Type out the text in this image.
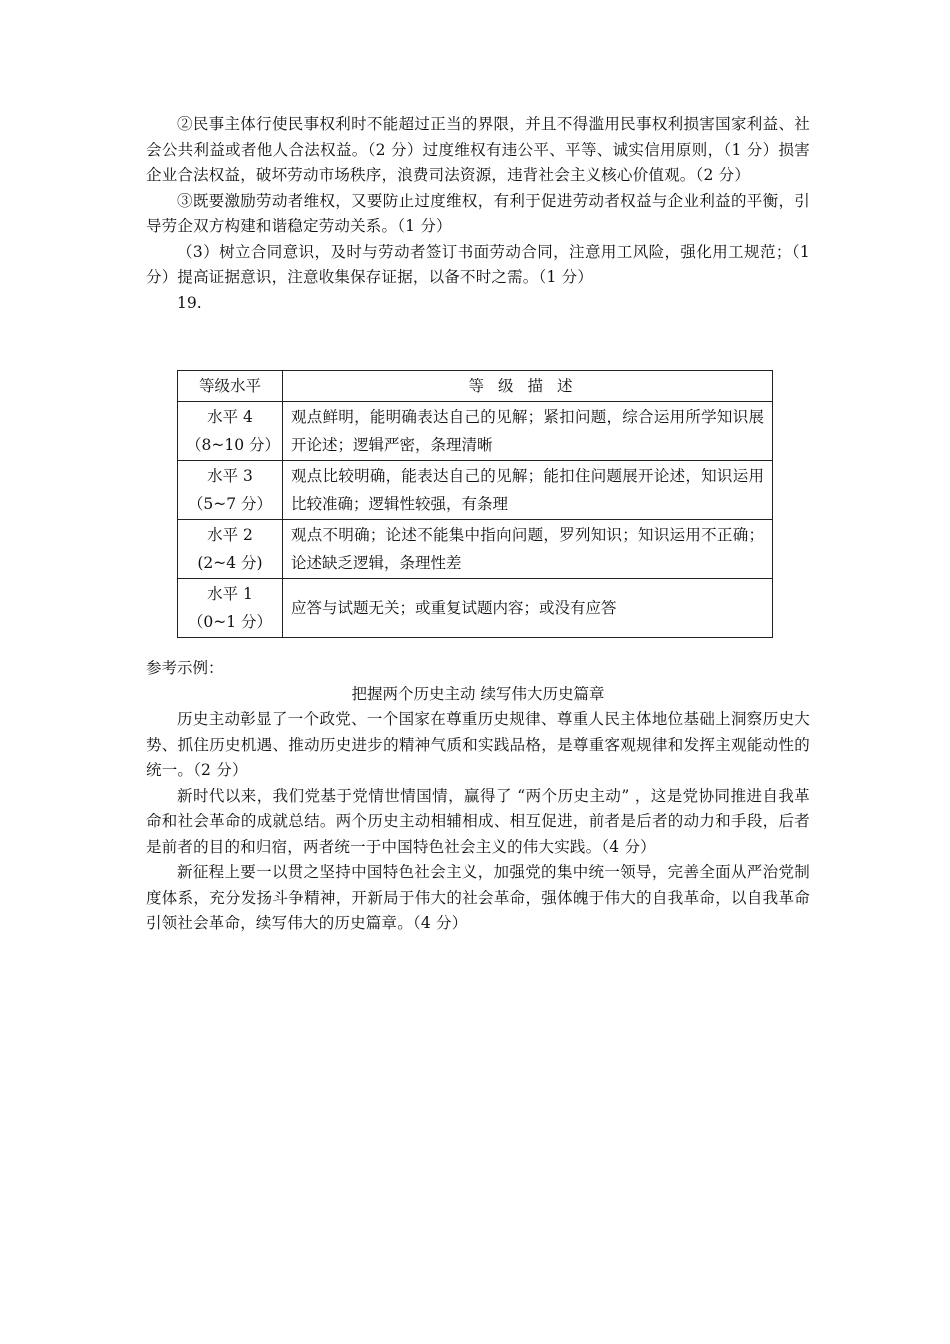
②民事主体行使民事权利时不能超过正当的界限，并且不得滥用民事权利损害国家利益、社会公共利益或者他人合法权益。（2 分）过度维权有违公平、平等、诚实信用原则，（1 分）损害企业合法权益，破坏劳动市场秩序，浪费司法资源，违背社会主义核心价值观。（2 分）

③既要激励劳动者维权，又要防止过度维权，有利于促进劳动者权益与企业利益的平衡，引导劳企双方构建和谐稳定劳动关系。（1 分）

（3）树立合同意识，及时与劳动者签订书面劳动合同，注意用工风险，强化用工规范；（1 分）提高证据意识，注意收集保存证据，以备不时之需。（1 分）

19.

等级水平	等级描述

水平 4
（8~10 分）	观点鲜明，能明确表达自己的见解；紧扣问题，综合运用所学知识展开论述；逻辑严密，条理清晰

水平 3
（5~7 分）	观点比较明确，能表达自己的见解；能扣住问题展开论述，知识运用比较准确；逻辑性较强，有条理

水平 2
(2~4 分)	观点不明确；论述不能集中指向问题，罗列知识；知识运用不正确；论述缺乏逻辑，条理性差

水平 1
（0~1 分）	应答与试题无关；或重复试题内容；或没有应答

参考示例：

把握两个历史主动 续写伟大历史篇章

历史主动彰显了一个政党、一个国家在尊重历史规律、尊重人民主体地位基础上洞察历史大势、抓住历史机遇、推动历史进步的精神气质和实践品格，是尊重客观规律和发挥主观能动性的统一。（2 分）

新时代以来，我们党基于党情世情国情，赢得了 “两个历史主动” ，这是党协同推进自我革命和社会革命的成就总结。两个历史主动相辅相成、相互促进，前者是后者的动力和手段，后者是前者的目的和归宿，两者统一于中国特色社会主义的伟大实践。（4 分）

新征程上要一以贯之坚持中国特色社会主义，加强党的集中统一领导，完善全面从严治党制度体系，充分发扬斗争精神，开新局于伟大的社会革命，强体魄于伟大的自我革命，以自我革命引领社会革命，续写伟大的历史篇章。（4 分）
